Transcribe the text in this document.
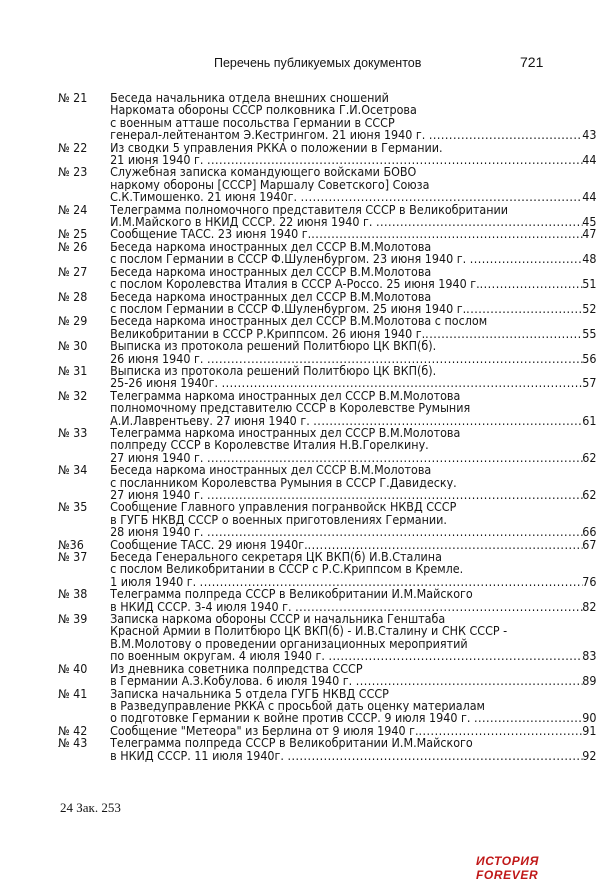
Перечень публикуемых документов	721
№ 21 Беседа начальника отдела внешних сношений
Наркомата обороны СССР полковника Г.И.Осетрова
с военным атташе посольства Германии в СССР
генерал-лейтенантом Э.Кестрингом. 21 июня 1940 г. .....	43
№ 22 Из сводки 5 управления РККА о положении в Германии.
21 июня 1940 г. .....	44
№ 23 Служебная записка командующего войсками БОВО
наркому обороны [СССР] Маршалу Советского] Союза
С.К.Тимошенко. 21 июня 1940г. .....	44
№ 24 Телеграмма полномочного представителя СССР в Великобритании
И.М.Майского в НКИД СССР. 22 июня 1940 г. .....	45
№ 25 Сообщение ТАСС. 23 июня 1940 г. .....	47
№ 26 Беседа наркома иностранных дел СССР В.М.Молотова
с послом Германии в СССР Ф.Шуленбургом. 23 июня 1940 г. .....	48
№ 27 Беседа наркома иностранных дел СССР В.М.Молотова
с послом Королевства Италия в СССР А-Россо. 25 июня 1940 г. .....	51
№ 28 Беседа наркома иностранных дел СССР В.М.Молотова
с послом Германии в СССР Ф.Шуленбургом. 25 июня 1940 г. .....	52
№ 29 Беседа наркома иностранных дел СССР В.М.Молотова с послом
Великобритании в СССР Р.Криппсом. 26 июня 1940 г. .....	55
№ 30 Выписка из протокола решений Политбюро ЦК ВКП(б).
26 июня 1940 г. .....	56
№ 31 Выписка из протокола решений Политбюро ЦК ВКП(б).
25-26 июня 1940г. .....	57
№ 32 Телеграмма наркома иностранных дел СССР В.М.Молотова
полномочному представителю СССР в Королевстве Румыния
А.И.Лаврентьеву. 27 июня 1940 г. .....	61
№ 33 Телеграмма наркома иностранных дел СССР В.М.Молотова
полпреду СССР в Королевстве Италия Н.В.Горелкину.
27 июня 1940 г. .....	62
№ 34 Беседа наркома иностранных дел СССР В.М.Молотова
с посланником Королевства Румыния в СССР Г.Давидеску.
27 июня 1940 г. .....	62
№ 35 Сообщение Главного управления погранвойск НКВД СССР
в ГУГБ НКВД СССР о военных приготовлениях Германии.
28 июня 1940 г. .....	66
№36 Сообщение ТАСС. 29 июня 1940г. .....	67
№ 37 Беседа Генерального секретаря ЦК ВКП(б) И.В.Сталина
с послом Великобритании в СССР с Р.С.Криппсом в Кремле.
1 июля 1940 г. .....	76
№ 38 Телеграмма полпреда СССР в Великобритании И.М.Майского
в НКИД СССР. 3-4 июля 1940 г. .....	82
№ 39 Записка наркома обороны СССР и начальника Генштаба
Красной Армии в Политбюро ЦК ВКП(б) - И.В.Сталину и СНК СССР -
В.М.Молотову о проведении организационных мероприятий
по военным округам. 4 июля 1940 г. .....	83
№ 40 Из дневника советника полпредства СССР
в Германии А.З.Кобулова. 6 июля 1940 г. .....	89
№ 41 Записка начальника 5 отдела ГУГБ НКВД СССР
в Разведуправление РККА с просьбой дать оценку материалам
о подготовке Германии к войне против СССР. 9 июля 1940 г. .....	90
№ 42 Сообщение "Метеора" из Берлина от 9 июля 1940 г. .....	91
№ 43 Телеграмма полпреда СССР в Великобритании И.М.Майского
в НКИД СССР. 11 июля 1940г. .....	92
24 Зак. 253
ИСТОРИЯ FOREVER
